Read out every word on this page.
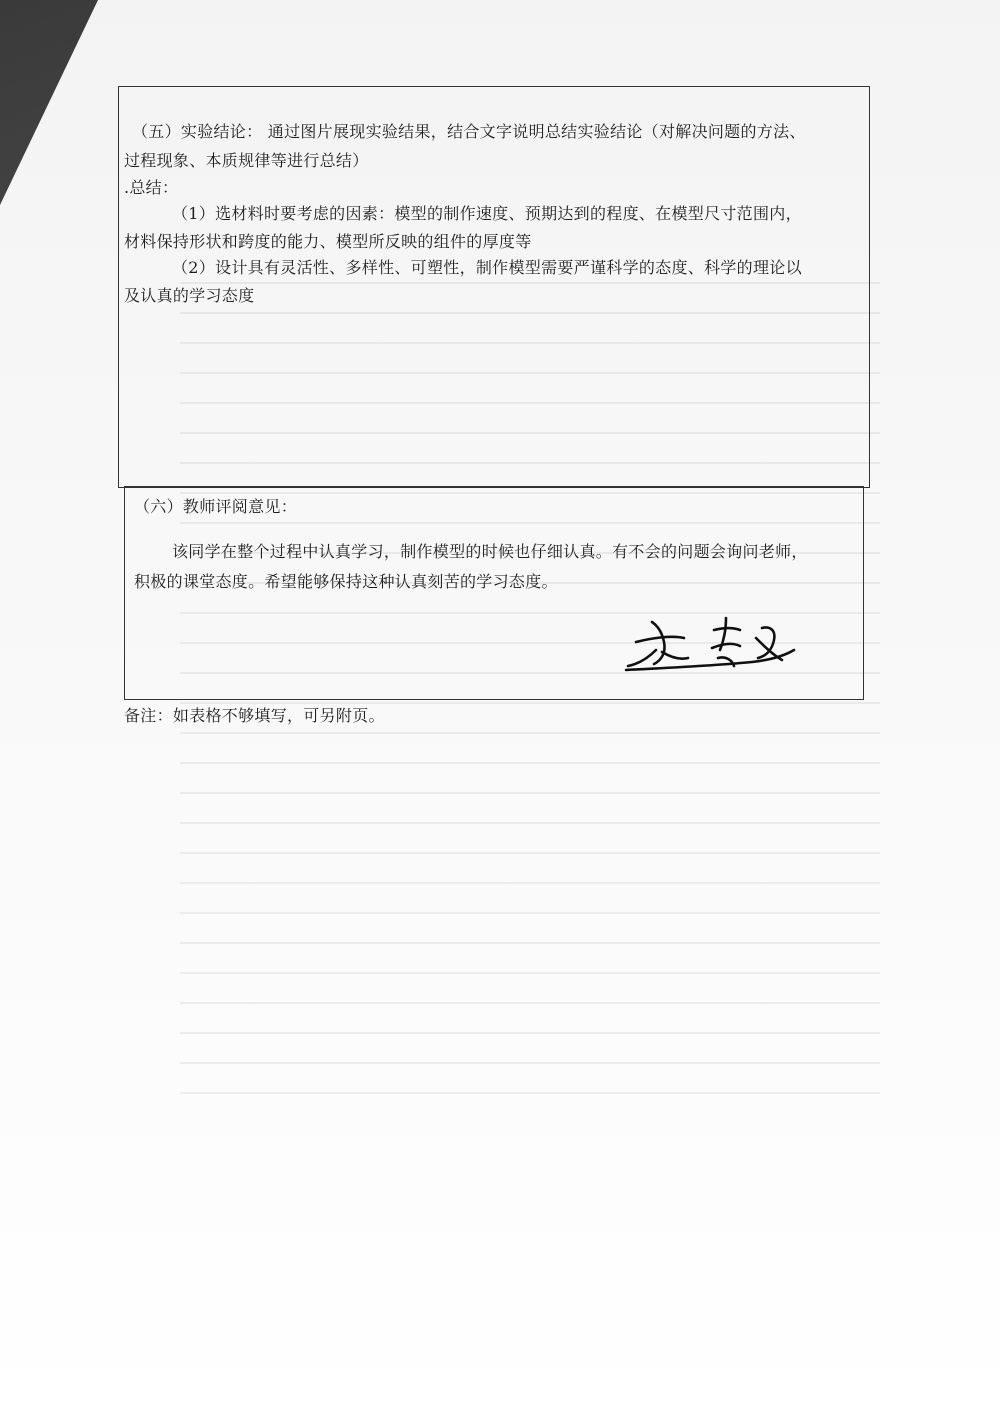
（五）实验结论： 通过图片展现实验结果，结合文字说明总结实验结论（对解决问题的方法、
过程现象、本质规律等进行总结）
.总结：
（1）选材料时要考虑的因素：模型的制作速度、预期达到的程度、在模型尺寸范围内，
材料保持形状和跨度的能力、模型所反映的组件的厚度等
（2）设计具有灵活性、多样性、可塑性，制作模型需要严谨科学的态度、科学的理论以
及认真的学习态度
（六）教师评阅意见：
该同学在整个过程中认真学习，制作模型的时候也仔细认真。有不会的问题会询问老师，
积极的课堂态度。希望能够保持这种认真刻苦的学习态度。
文志达
备注：如表格不够填写，可另附页。
